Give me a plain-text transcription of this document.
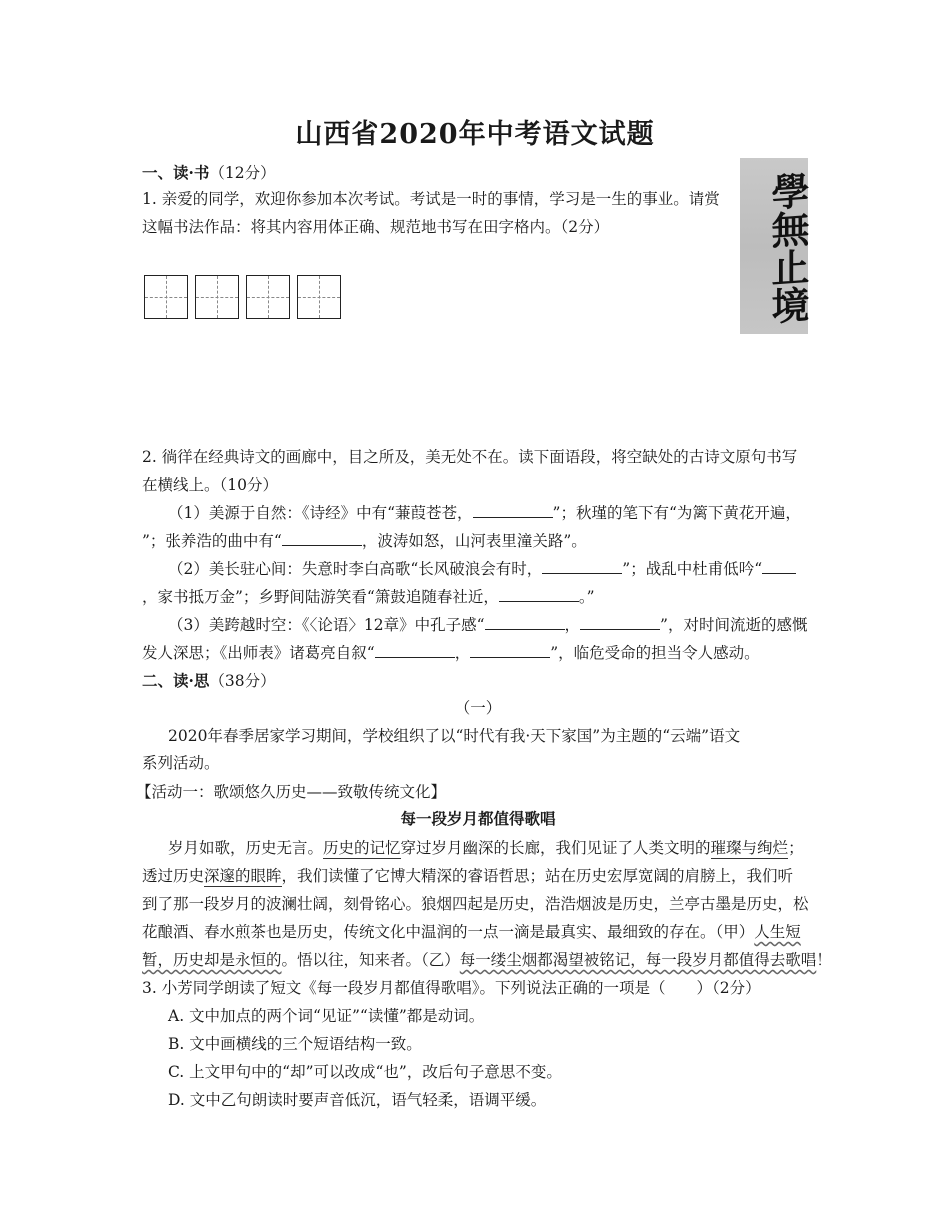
山西省2020年中考语文试题
一、读·书（12分）
1. 亲爱的同学，欢迎你参加本次考试。考试是一时的事情，学习是一生的事业。请赏
这幅书法作品：将其内容用体正确、规范地书写在田字格内。（2分）	學無止境
2. 徜徉在经典诗文的画廊中，目之所及，美无处不在。读下面语段，将空缺处的古诗文原句书写
在横线上。（10分）
（1）美源于自然：《诗经》中有“蒹葭苍苍，	”；秋瑾的笔下有“为篱下黄花开遍，
”；张养浩的曲中有“	，波涛如怒，山河表里潼关路”。
（2）美长驻心间：失意时李白高歌“长风破浪会有时，	”；战乱中杜甫低吟“
，家书抵万金”；乡野间陆游笑看“箫鼓追随春社近，	。”
（3）美跨越时空：《〈论语〉12章》中孔子感“	，	”，对时间流逝的感慨
发人深思；《出师表》诸葛亮自叙“	，	”，临危受命的担当令人感动。
二、读·思（38分）
（一）
2020年春季居家学习期间，学校组织了以“时代有我·天下家国”为主题的“云端”语文
系列活动。
【活动一：歌颂悠久历史——致敬传统文化】
每一段岁月都值得歌唱
岁月如歌，历史无言。历史的记忆穿过岁月幽深的长廊，我们见证了人类文明的璀璨与绚烂；
透过历史深邃的眼眸，我们读懂了它博大精深的睿语哲思；站在历史宏厚宽阔的肩膀上，我们听
到了那一段岁月的波澜壮阔，刻骨铭心。狼烟四起是历史，浩浩烟波是历史，兰亭古墨是历史，松
花酿酒、春水煎茶也是历史，传统文化中温润的一点一滴是最真实、最细致的存在。（甲）人生短
暂，历史却是永恒的。悟以往，知来者。（乙）每一缕尘烟都渴望被铭记，每一段岁月都值得去歌唱！
3. 小芳同学朗读了短文《每一段岁月都值得歌唱》。下列说法正确的一项是（　　）（2分）
A. 文中加点的两个词“见证”“读懂”都是动词。
B. 文中画横线的三个短语结构一致。
C. 上文甲句中的“却”可以改成“也”，改后句子意思不变。
D. 文中乙句朗读时要声音低沉，语气轻柔，语调平缓。
